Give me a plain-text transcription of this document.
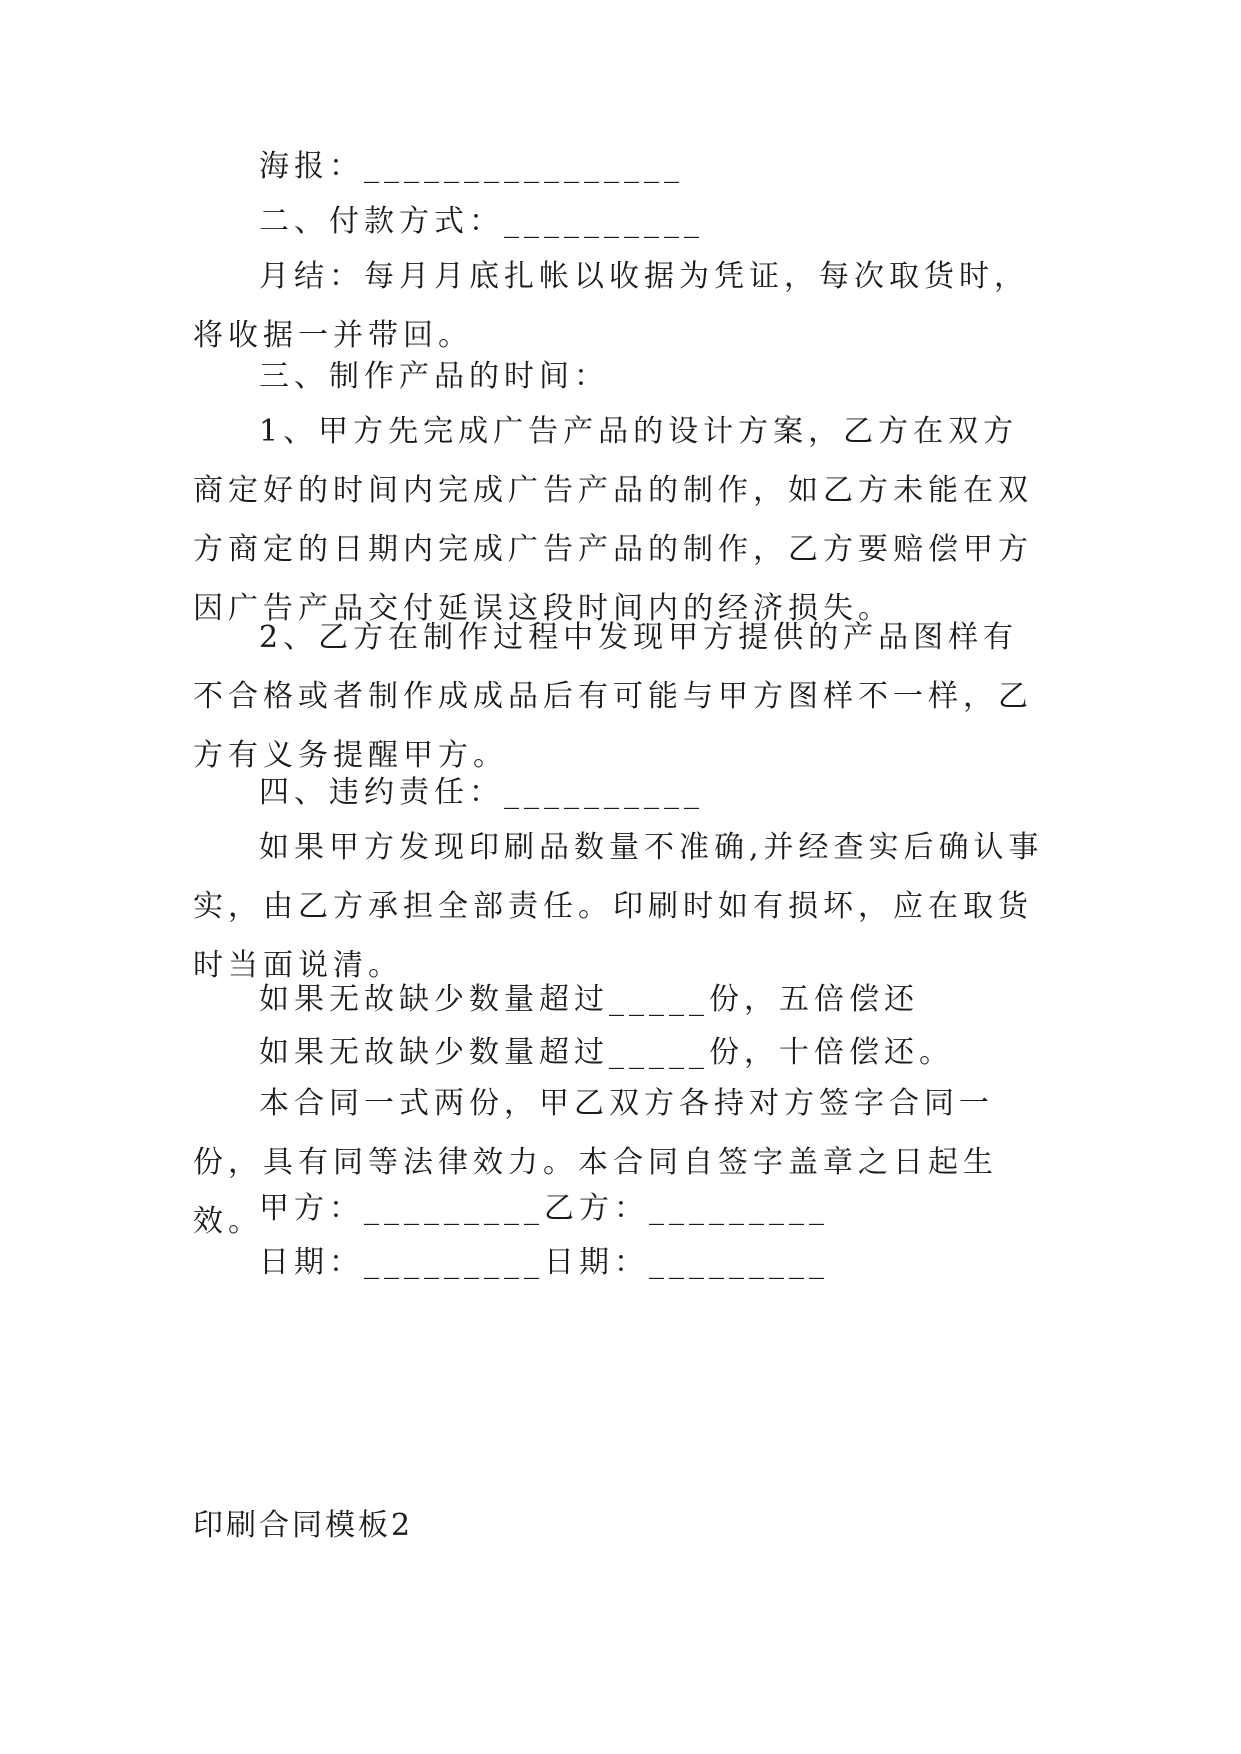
海报：________________
二、付款方式：__________
月结：每月月底扎帐以收据为凭证，每次取货时，将收据一并带回。
三、制作产品的时间：
1、甲方先完成广告产品的设计方案，乙方在双方商定好的时间内完成广告产品的制作，如乙方未能在双方商定的日期内完成广告产品的制作，乙方要赔偿甲方因广告产品交付延误这段时间内的经济损失。
2、乙方在制作过程中发现甲方提供的产品图样有不合格或者制作成成品后有可能与甲方图样不一样，乙方有义务提醒甲方。
四、违约责任：__________
如果甲方发现印刷品数量不准确,并经查实后确认事实，由乙方承担全部责任。印刷时如有损坏，应在取货时当面说清。
如果无故缺少数量超过_____份，五倍偿还
如果无故缺少数量超过_____份，十倍偿还。
本合同一式两份，甲乙双方各持对方签字合同一份，具有同等法律效力。本合同自签字盖章之日起生效。
甲方：_________乙方：_________
日期：_________日期：_________
印刷合同模板2
